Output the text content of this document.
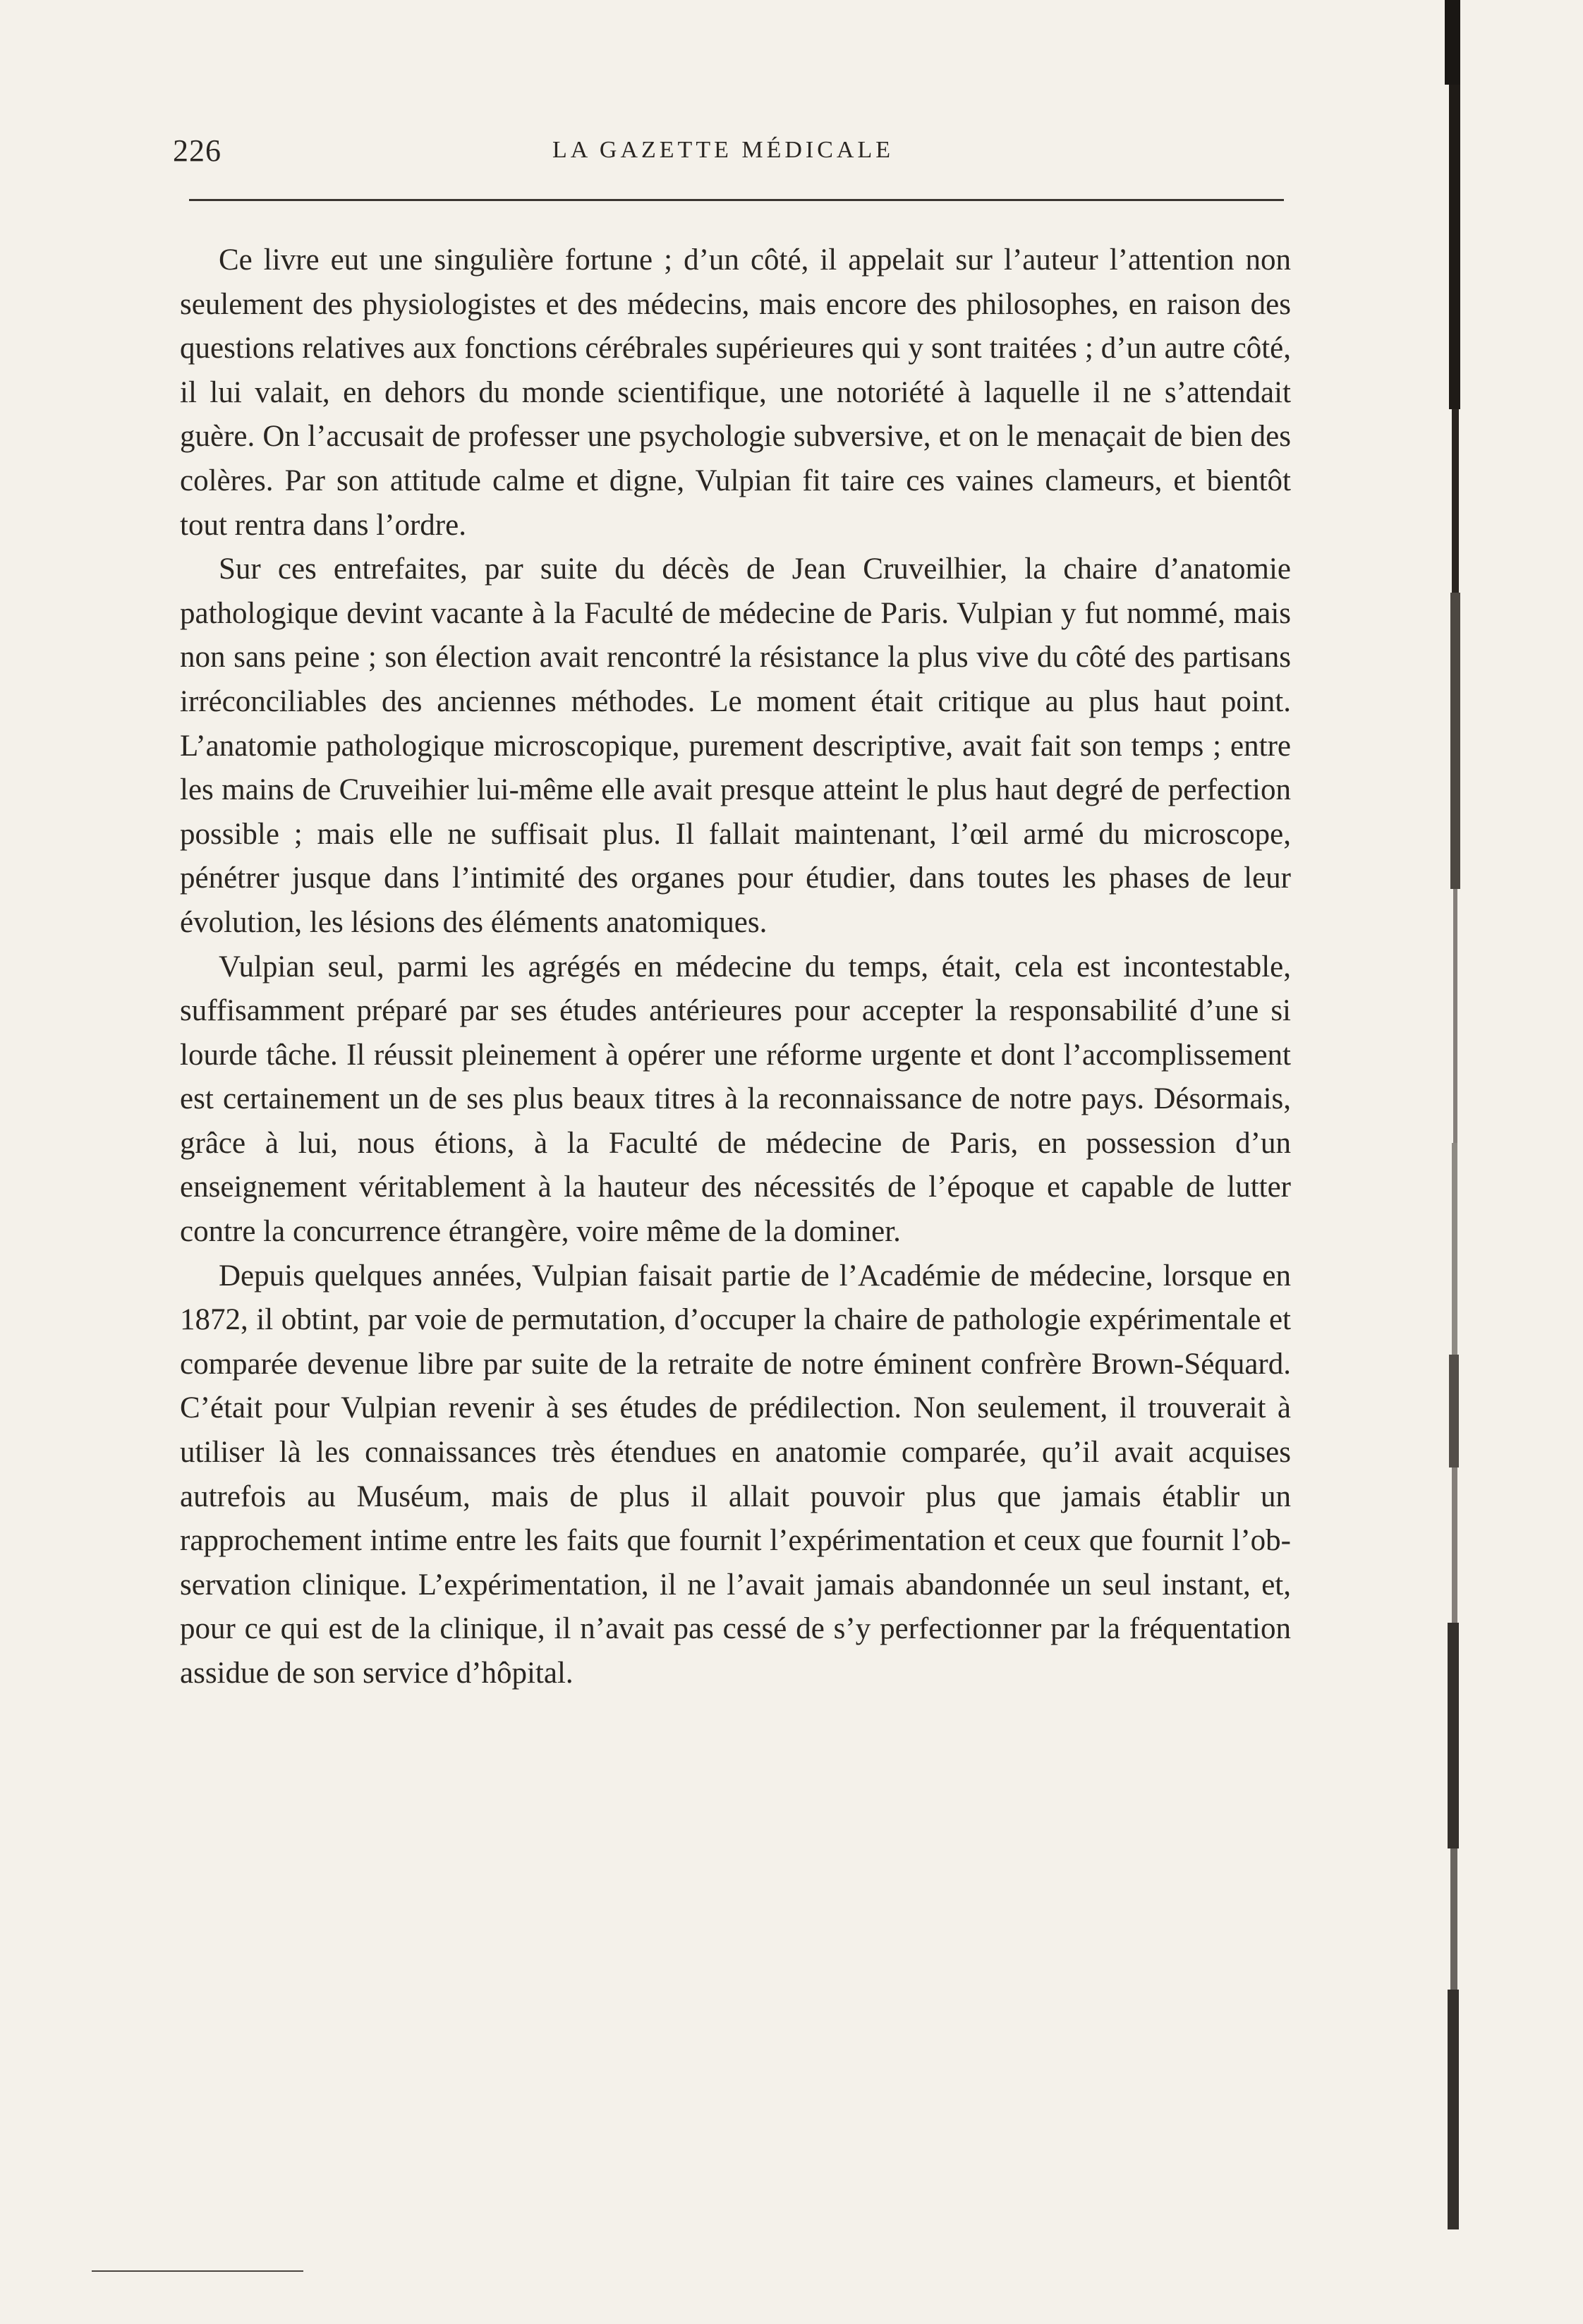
226	LA GAZETTE MÉDICALE

Ce livre eut une singulière fortune ; d’un côté, il appelait sur l’auteur l’attention non seulement des physiologistes et des médecins, mais encore des philosophes, en raison des questions relatives aux fonctions cérébrales supérieures qui y sont traitées ; d’un autre côté, il lui valait, en dehors du monde scientifique, une notoriété à laquelle il ne s’attendait guère. On l’accusait de professer une psychologie subversive, et on le menaçait de bien des colères. Par son attitude calme et digne, Vulpian fit taire ces vaines clameurs, et bientôt tout rentra dans l’ordre.

Sur ces entrefaites, par suite du décès de Jean Cruveilhier, la chaire d’anatomie pathologique devint vacante à la Faculté de médecine de Paris. Vulpian y fut nommé, mais non sans peine ; son élection avait rencontré la résistance la plus vive du côté des partisans irréconciliables des anciennes méthodes. Le moment était critique au plus haut point. L’anatomie pathologique microscopique, purement descriptive, avait fait son temps ; entre les mains de Cruveihier lui-même elle avait presque atteint le plus haut degré de perfection possible ; mais elle ne suffisait plus. Il fallait maintenant, l’œil armé du microscope, pénétrer jusque dans l’intimité des organes pour étudier, dans toutes les phases de leur évolution, les lésions des éléments anatomiques.

Vulpian seul, parmi les agrégés en médecine du temps, était, cela est incontestable, suffisamment préparé par ses études antérieures pour accepter la responsabilité d’une si lourde tâche. Il réussit pleinement à opérer une réforme urgente et dont l’accomplissement est certainement un de ses plus beaux titres à la reconnaissance de notre pays. Désormais, grâce à lui, nous étions, à la Faculté de médecine de Paris, en possession d’un enseignement véritablement à la hauteur des nécessités de l’époque et capable de lutter contre la concurrence étrangère, voire même de la dominer.

Depuis quelques années, Vulpian faisait partie de l’Académie de médecine, lorsque en 1872, il obtint, par voie de permutation, d’occuper la chaire de pathologie expérimentale et comparée devenue libre par suite de la retraite de notre éminent confrère Brown-Séquard. C’était pour Vulpian revenir à ses études de prédilection. Non seulement, il trouverait à utiliser là les connaissances très étendues en anatomie comparée, qu’il avait acquises autrefois au Muséum, mais de plus il allait pouvoir plus que jamais établir un rapprochement intime entre les faits que fournit l’expérimentation et ceux que fournit l’observation clinique. L’expérimentation, il ne l’avait jamais abandonnée un seul instant, et, pour ce qui est de la clinique, il n’avait pas cessé de s’y perfectionner par la fréquentation assidue de son service d’hôpital.
